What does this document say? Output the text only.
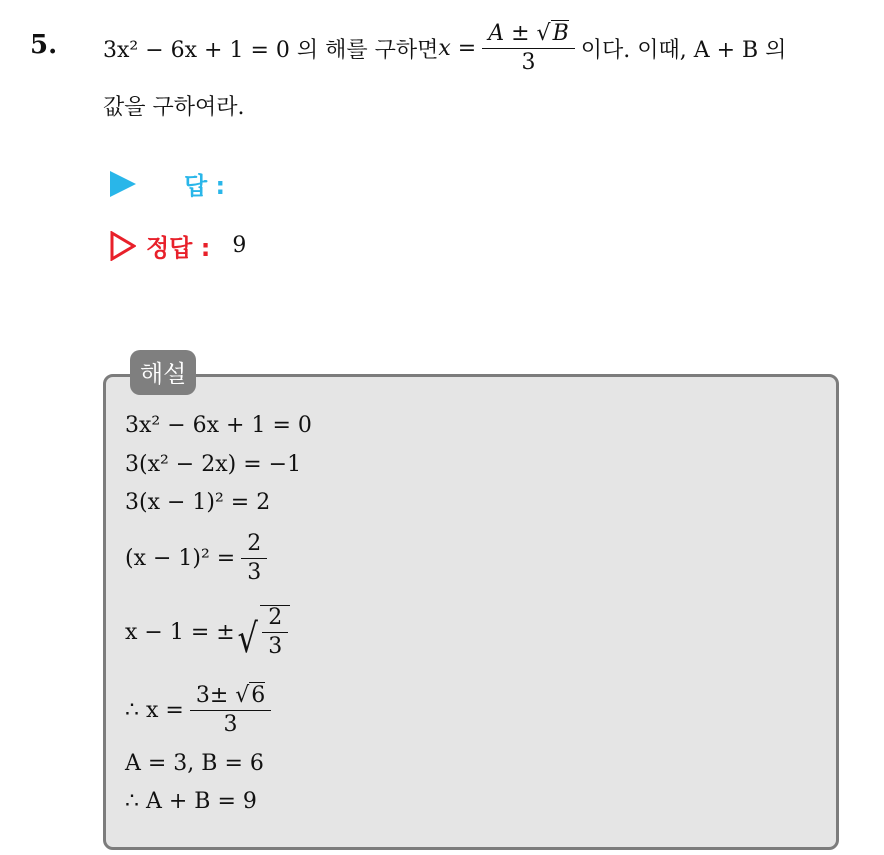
5. 3x² − 6x + 1 = 0 의 해를 구하면 $x = \frac{A \pm √B}{3}$ 이다. 이때, A + B 의
값을 구하여라.
답 :
정답 : 9
해설
3x² − 6x + 1 = 0
3(x² − 2x) = −1
3(x − 1)² = 2
$(x - 1)^2 = \frac{2}{3}$
x − 1 = ± √ $\frac{2}{3}$
∴ $x = \frac{3\pm √6}{3}$
A = 3, B = 6
∴ A + B = 9
